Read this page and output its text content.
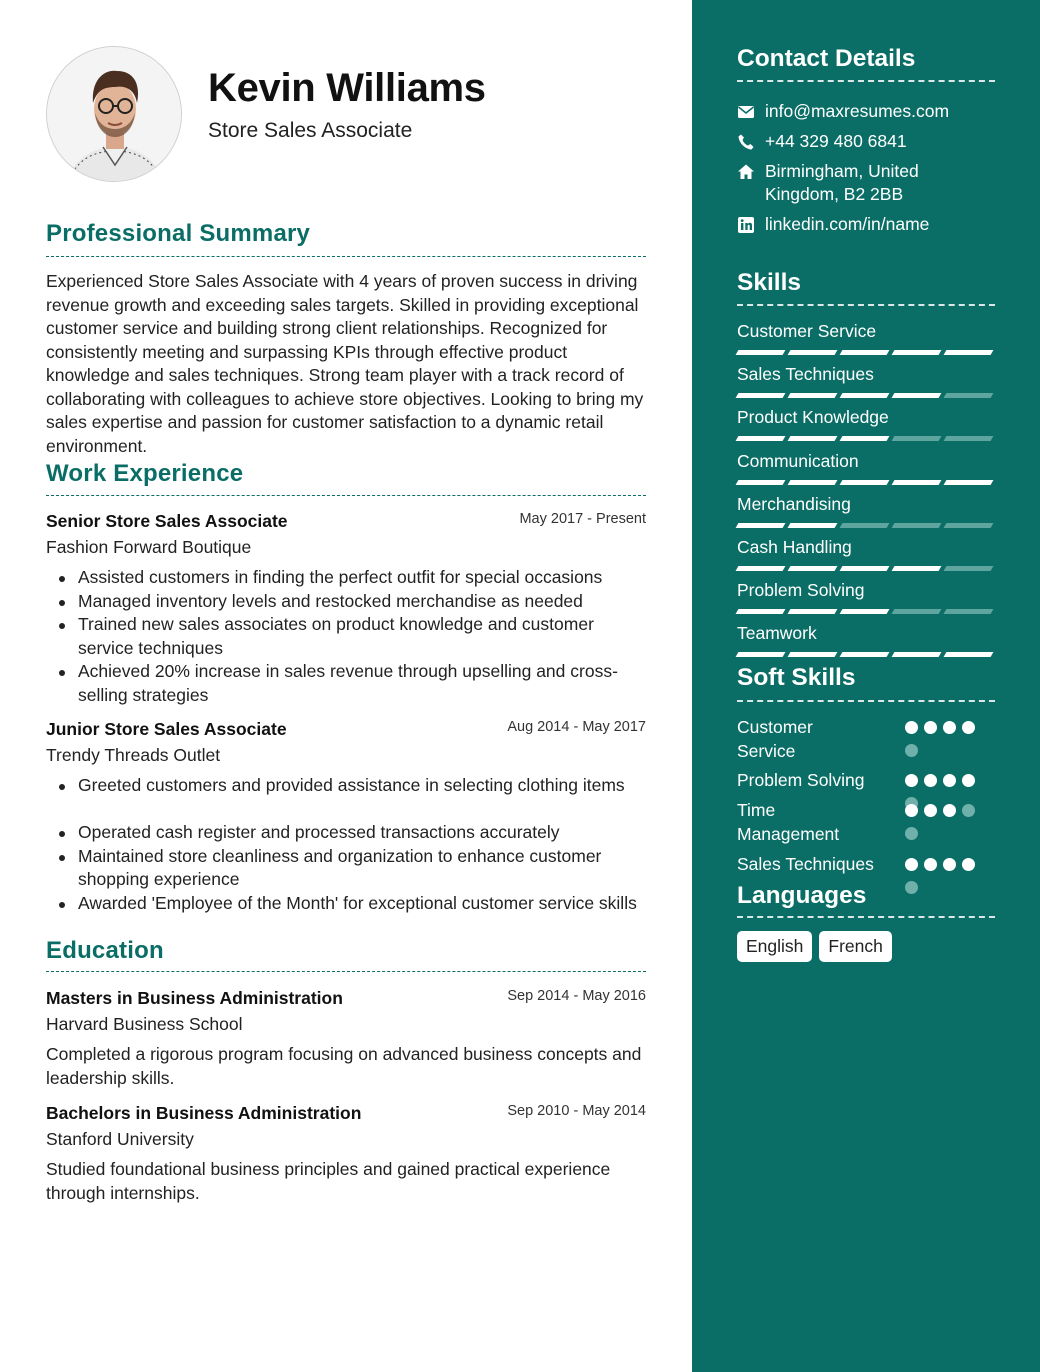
Kevin Williams
Store Sales Associate
Professional Summary
Experienced Store Sales Associate with 4 years of proven success in driving revenue growth and exceeding sales targets. Skilled in providing exceptional customer service and building strong client relationships. Recognized for consistently meeting and surpassing KPIs through effective product knowledge and sales techniques. Strong team player with a track record of collaborating with colleagues to achieve store objectives. Looking to bring my sales expertise and passion for customer satisfaction to a dynamic retail environment.
Work Experience
Senior Store Sales Associate	May 2017 - Present
Fashion Forward Boutique
Assisted customers in finding the perfect outfit for special occasions
Managed inventory levels and restocked merchandise as needed
Trained new sales associates on product knowledge and customer service techniques
Achieved 20% increase in sales revenue through upselling and cross-selling strategies
Junior Store Sales Associate	Aug 2014 - May 2017
Trendy Threads Outlet
Greeted customers and provided assistance in selecting clothing items
Operated cash register and processed transactions accurately
Maintained store cleanliness and organization to enhance customer shopping experience
Awarded 'Employee of the Month' for exceptional customer service skills
Education
Masters in Business Administration	Sep 2014 - May 2016
Harvard Business School
Completed a rigorous program focusing on advanced business concepts and leadership skills.
Bachelors in Business Administration	Sep 2010 - May 2014
Stanford University
Studied foundational business principles and gained practical experience through internships.
Contact Details
info@maxresumes.com
+44 329 480 6841
Birmingham, United Kingdom, B2 2BB
linkedin.com/in/name
Skills
Customer Service
Sales Techniques
Product Knowledge
Communication
Merchandising
Cash Handling
Problem Solving
Teamwork
Soft Skills
Customer Service
Problem Solving
Time Management
Sales Techniques
Languages
English	French
